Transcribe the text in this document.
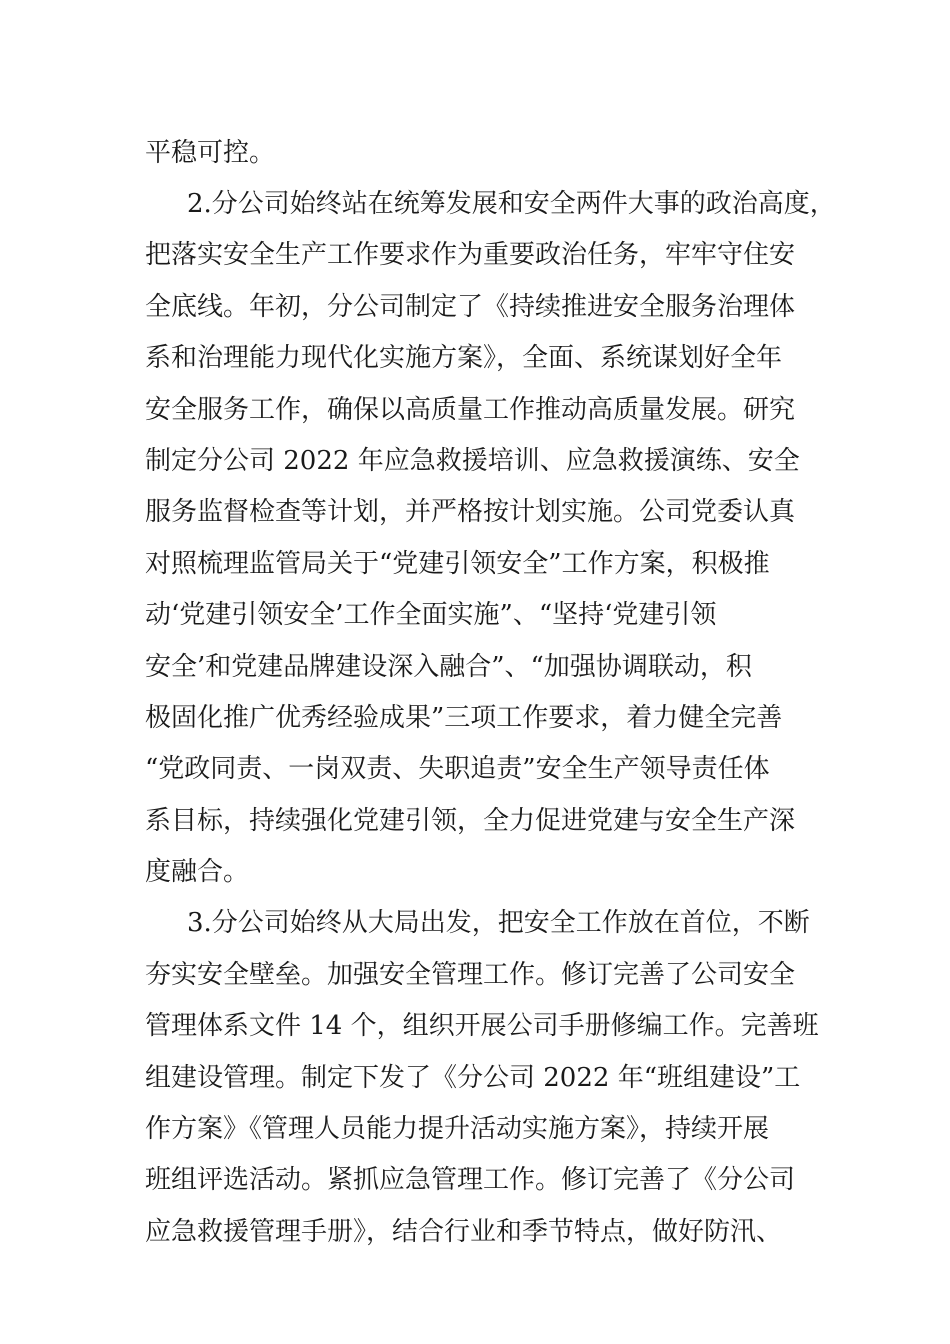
平稳可控。
2.分公司始终站在统筹发展和安全两件大事的政治高度，
把落实安全生产工作要求作为重要政治任务，牢牢守住安
全底线。年初，分公司制定了《持续推进安全服务治理体
系和治理能力现代化实施方案》，全面、系统谋划好全年
安全服务工作，确保以高质量工作推动高质量发展。研究
制定分公司 2022 年应急救援培训、应急救援演练、安全
服务监督检查等计划，并严格按计划实施。公司党委认真
对照梳理监管局关于“党建引领安全”工作方案，积极推
动‘党建引领安全’工作全面实施”、“坚持‘党建引领
安全’和党建品牌建设深入融合”、“加强协调联动，积
极固化推广优秀经验成果”三项工作要求，着力健全完善
“党政同责、一岗双责、失职追责”安全生产领导责任体
系目标，持续强化党建引领，全力促进党建与安全生产深
度融合。
3.分公司始终从大局出发，把安全工作放在首位，不断
夯实安全壁垒。加强安全管理工作。修订完善了公司安全
管理体系文件 14 个，组织开展公司手册修编工作。完善班
组建设管理。制定下发了《分公司 2022 年“班组建设”工
作方案》《管理人员能力提升活动实施方案》，持续开展
班组评选活动。紧抓应急管理工作。修订完善了《分公司
应急救援管理手册》，结合行业和季节特点，做好防汛、
